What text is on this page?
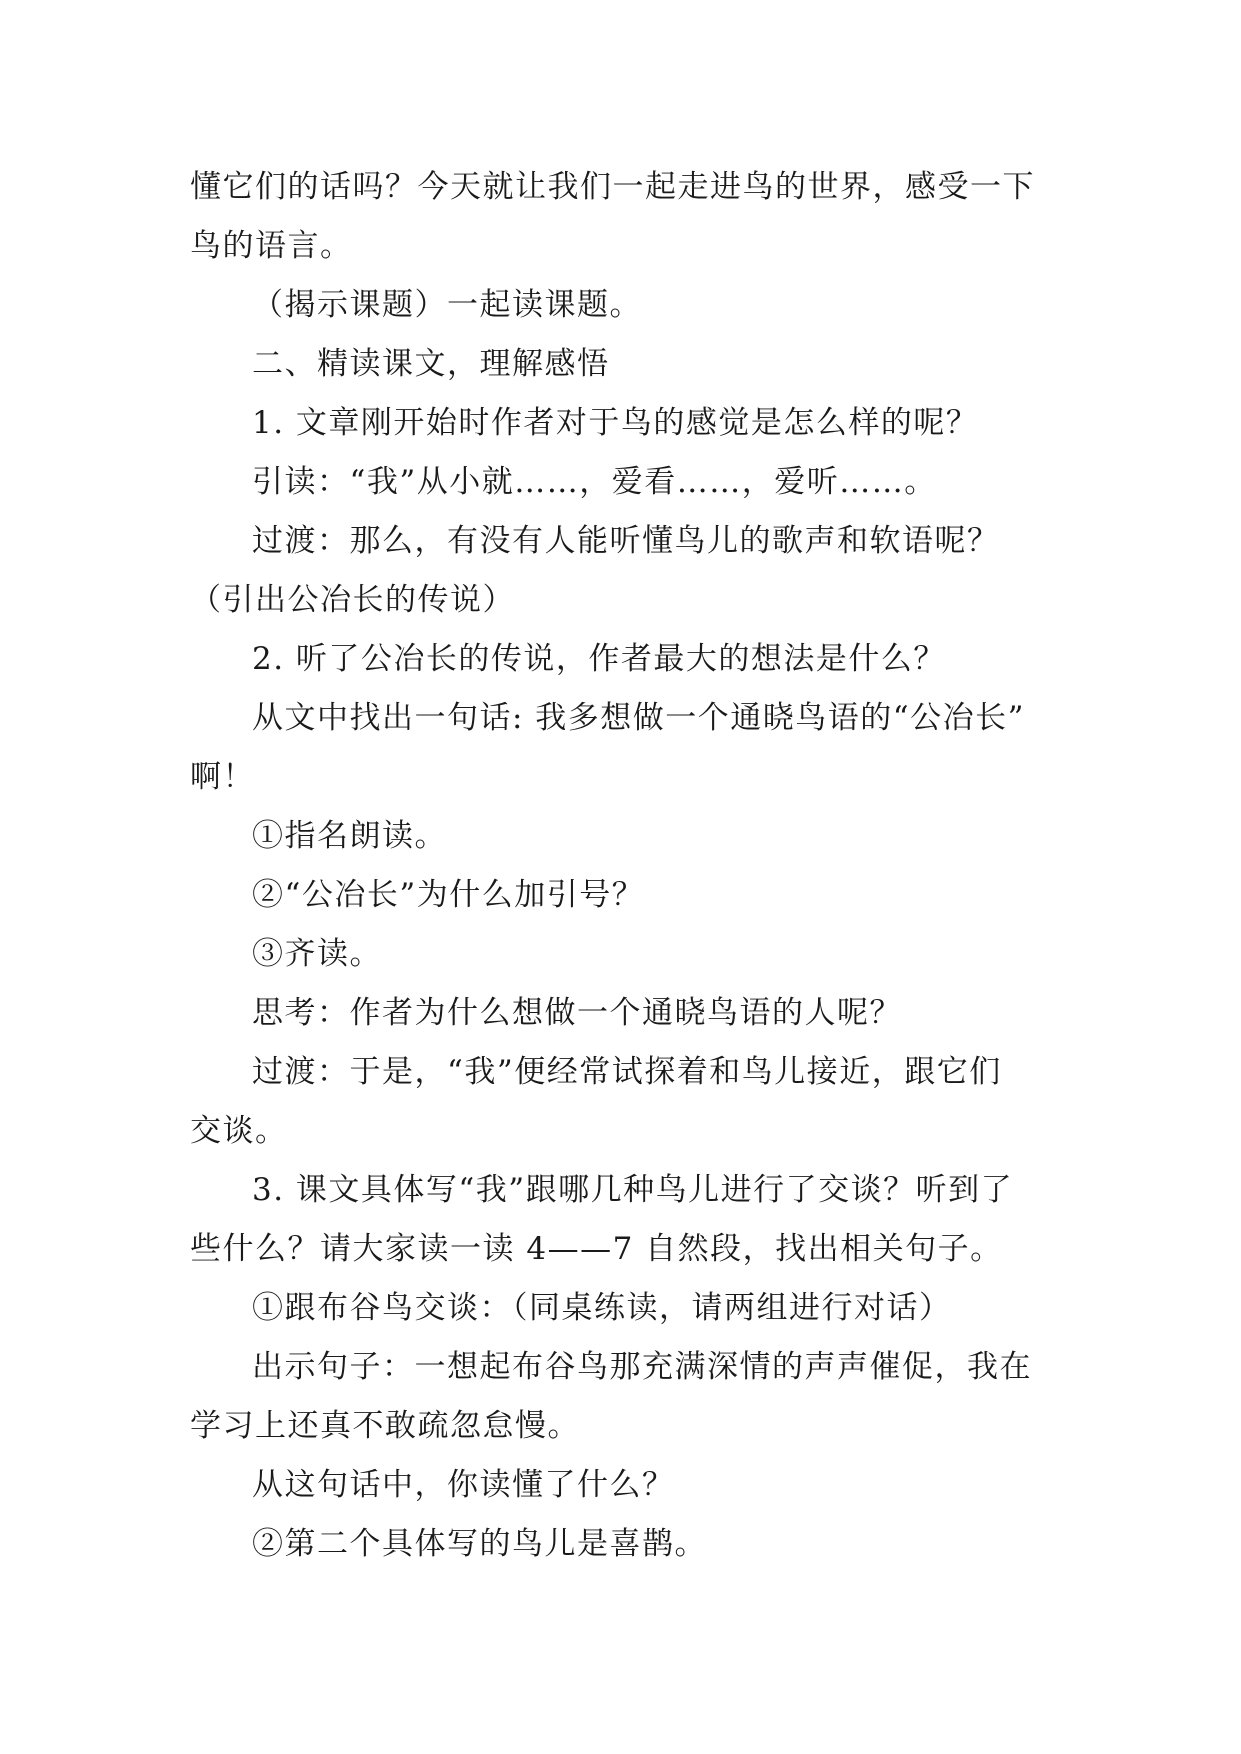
懂它们的话吗？今天就让我们一起走进鸟的世界，感受一下

鸟的语言。

（揭示课题）一起读课题。

二、精读课文，理解感悟

1. 文章刚开始时作者对于鸟的感觉是怎么样的呢？

引读：“我”从小就……，爱看……，爱听……。

过渡：那么，有没有人能听懂鸟儿的歌声和软语呢？

（引出公冶长的传说）

2. 听了公冶长的传说，作者最大的想法是什么？

从文中找出一句话: 我多想做一个通晓鸟语的“公冶长”

啊！

①指名朗读。

②“公冶长”为什么加引号？

③齐读。

思考：作者为什么想做一个通晓鸟语的人呢？

过渡：于是，“我”便经常试探着和鸟儿接近，跟它们

交谈。

3. 课文具体写“我”跟哪几种鸟儿进行了交谈？听到了

些什么？请大家读一读 4——7 自然段，找出相关句子。

①跟布谷鸟交谈：（同桌练读，请两组进行对话）

出示句子：一想起布谷鸟那充满深情的声声催促，我在

学习上还真不敢疏忽怠慢。

从这句话中，你读懂了什么？

②第二个具体写的鸟儿是喜鹊。
